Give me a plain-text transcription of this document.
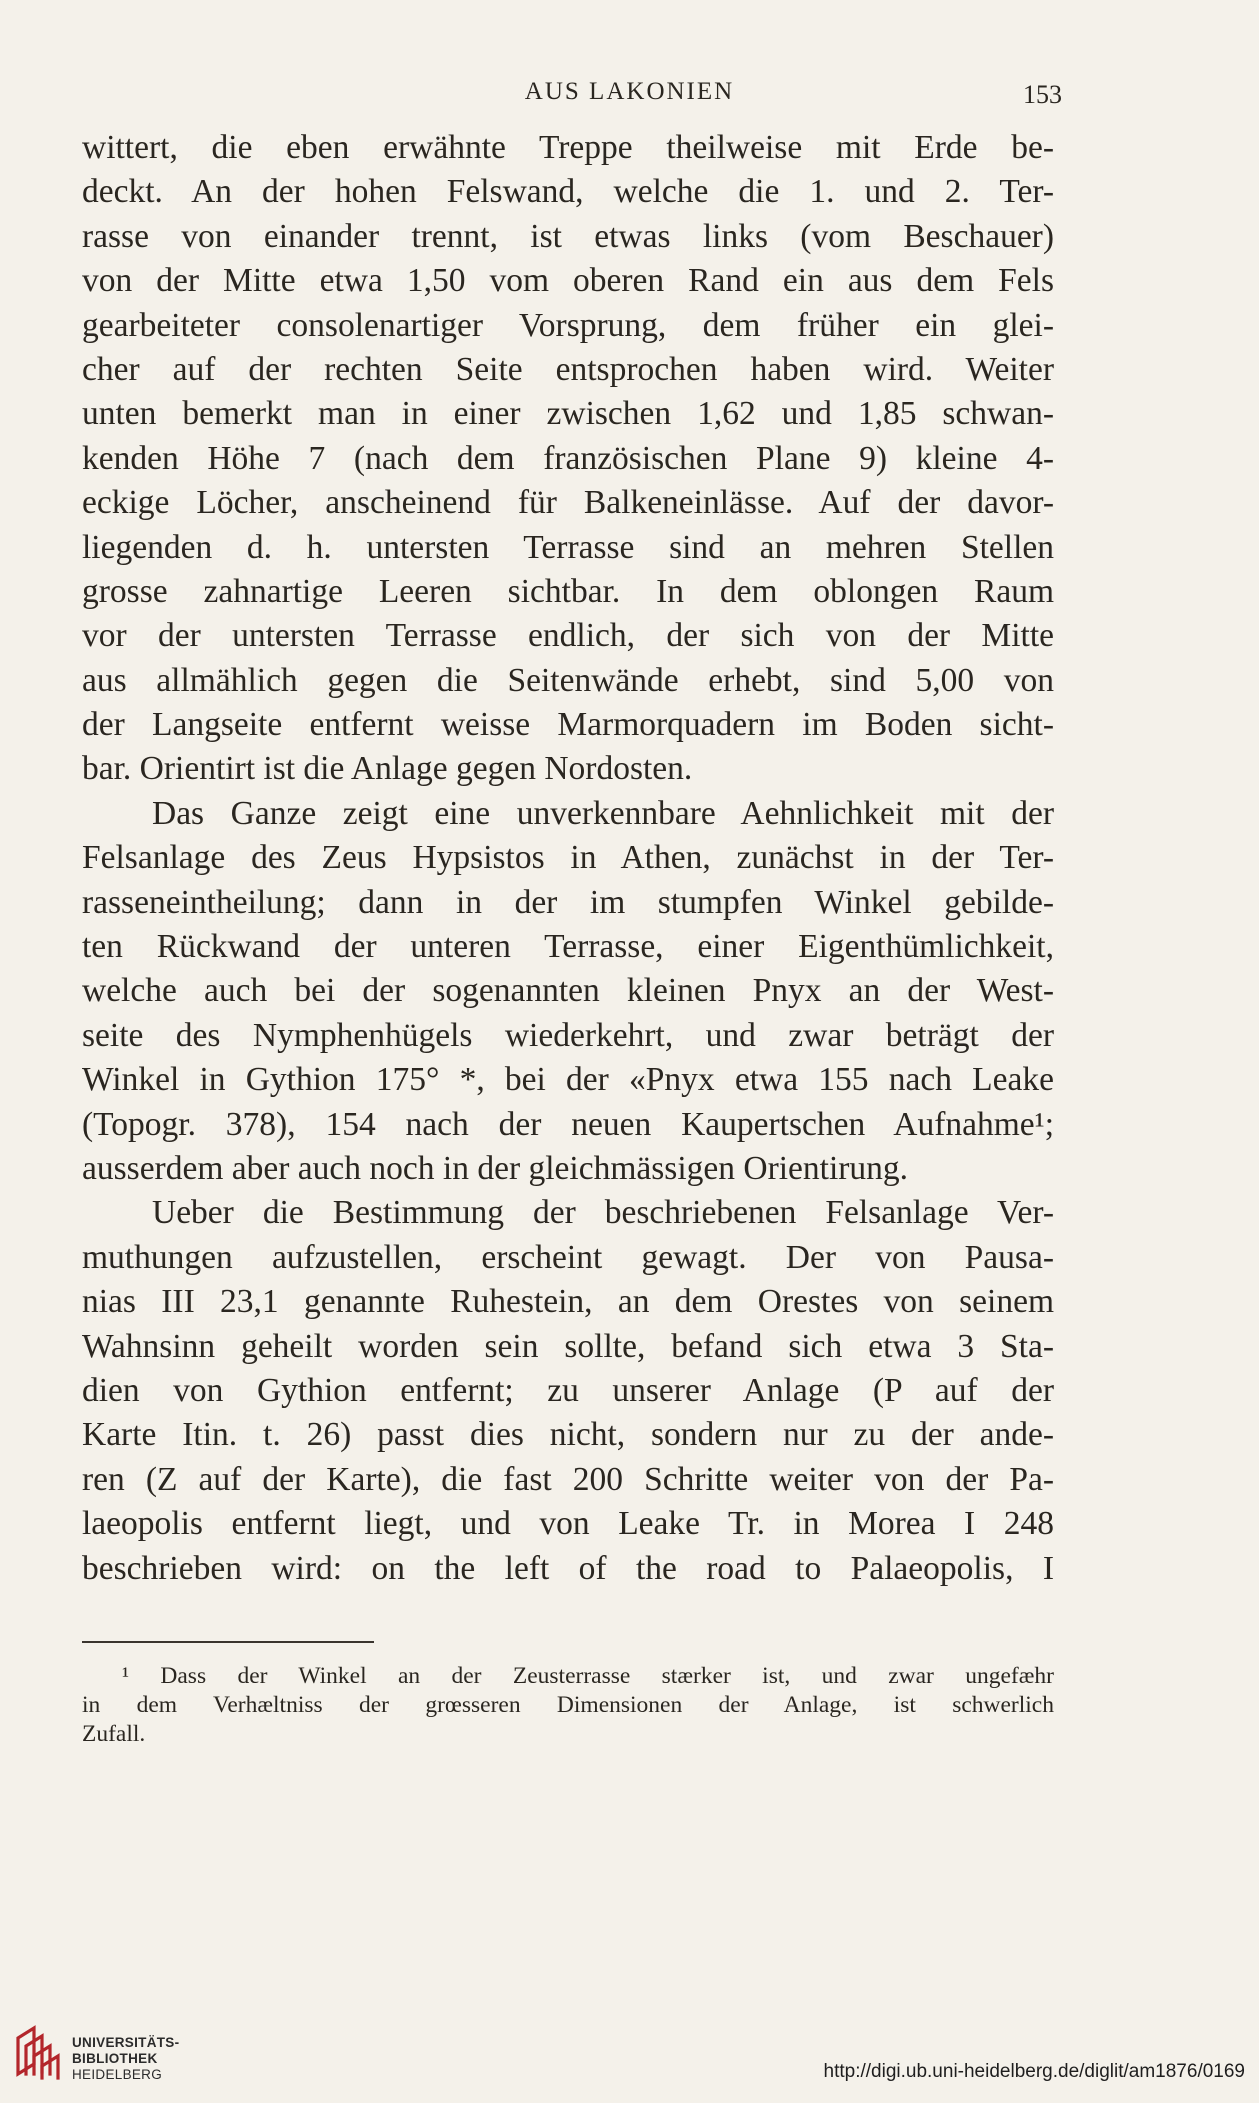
AUS LAKONIEN	153
wittert, die eben erwähnte Treppe theilweise mit Erde be-
deckt. An der hohen Felswand, welche die 1. und 2. Ter-
rasse von einander trennt, ist etwas links (vom Beschauer)
von der Mitte etwa 1,50 vom oberen Rand ein aus dem Fels
gearbeiteter consolenartiger Vorsprung, dem früher ein glei-
cher auf der rechten Seite entsprochen haben wird. Weiter
unten bemerkt man in einer zwischen 1,62 und 1,85 schwan-
kenden Höhe 7 (nach dem französischen Plane 9) kleine 4-
eckige Löcher, anscheinend für Balkeneinlässe. Auf der davor-
liegenden d. h. untersten Terrasse sind an mehren Stellen
grosse zahnartige Leeren sichtbar. In dem oblongen Raum
vor der untersten Terrasse endlich, der sich von der Mitte
aus allmählich gegen die Seitenwände erhebt, sind 5,00 von
der Langseite entfernt weisse Marmorquadern im Boden sicht-
bar. Orientirt ist die Anlage gegen Nordosten.
Das Ganze zeigt eine unverkennbare Aehnlichkeit mit der
Felsanlage des Zeus Hypsistos in Athen, zunächst in der Ter-
rasseneintheilung; dann in der im stumpfen Winkel gebilde-
ten Rückwand der unteren Terrasse, einer Eigenthümlichkeit,
welche auch bei der sogenannten kleinen Pnyx an der West-
seite des Nymphenhügels wiederkehrt, und zwar beträgt der
Winkel in Gythion 175° *, bei der «Pnyx etwa 155 nach Leake
(Topogr. 378), 154 nach der neuen Kaupertschen Aufnahme¹;
ausserdem aber auch noch in der gleichmässigen Orientirung.
Ueber die Bestimmung der beschriebenen Felsanlage Ver-
muthungen aufzustellen, erscheint gewagt. Der von Pausa-
nias III 23,1 genannte Ruhestein, an dem Orestes von seinem
Wahnsinn geheilt worden sein sollte, befand sich etwa 3 Sta-
dien von Gythion entfernt; zu unserer Anlage (P auf der
Karte Itin. t. 26) passt dies nicht, sondern nur zu der ande-
ren (Z auf der Karte), die fast 200 Schritte weiter von der Pa-
laeopolis entfernt liegt, und von Leake Tr. in Morea I 248
beschrieben wird: on the left of the road to Palaeopolis, I
¹ Dass der Winkel an der Zeusterrasse stærker ist, und zwar ungefæhr
in dem Verhæltniss der grœsseren Dimensionen der Anlage, ist schwerlich
Zufall.
UNIVERSITÄTS-
BIBLIOTHEK
HEIDELBERG	http://digi.ub.uni-heidelberg.de/diglit/am1876/0169
